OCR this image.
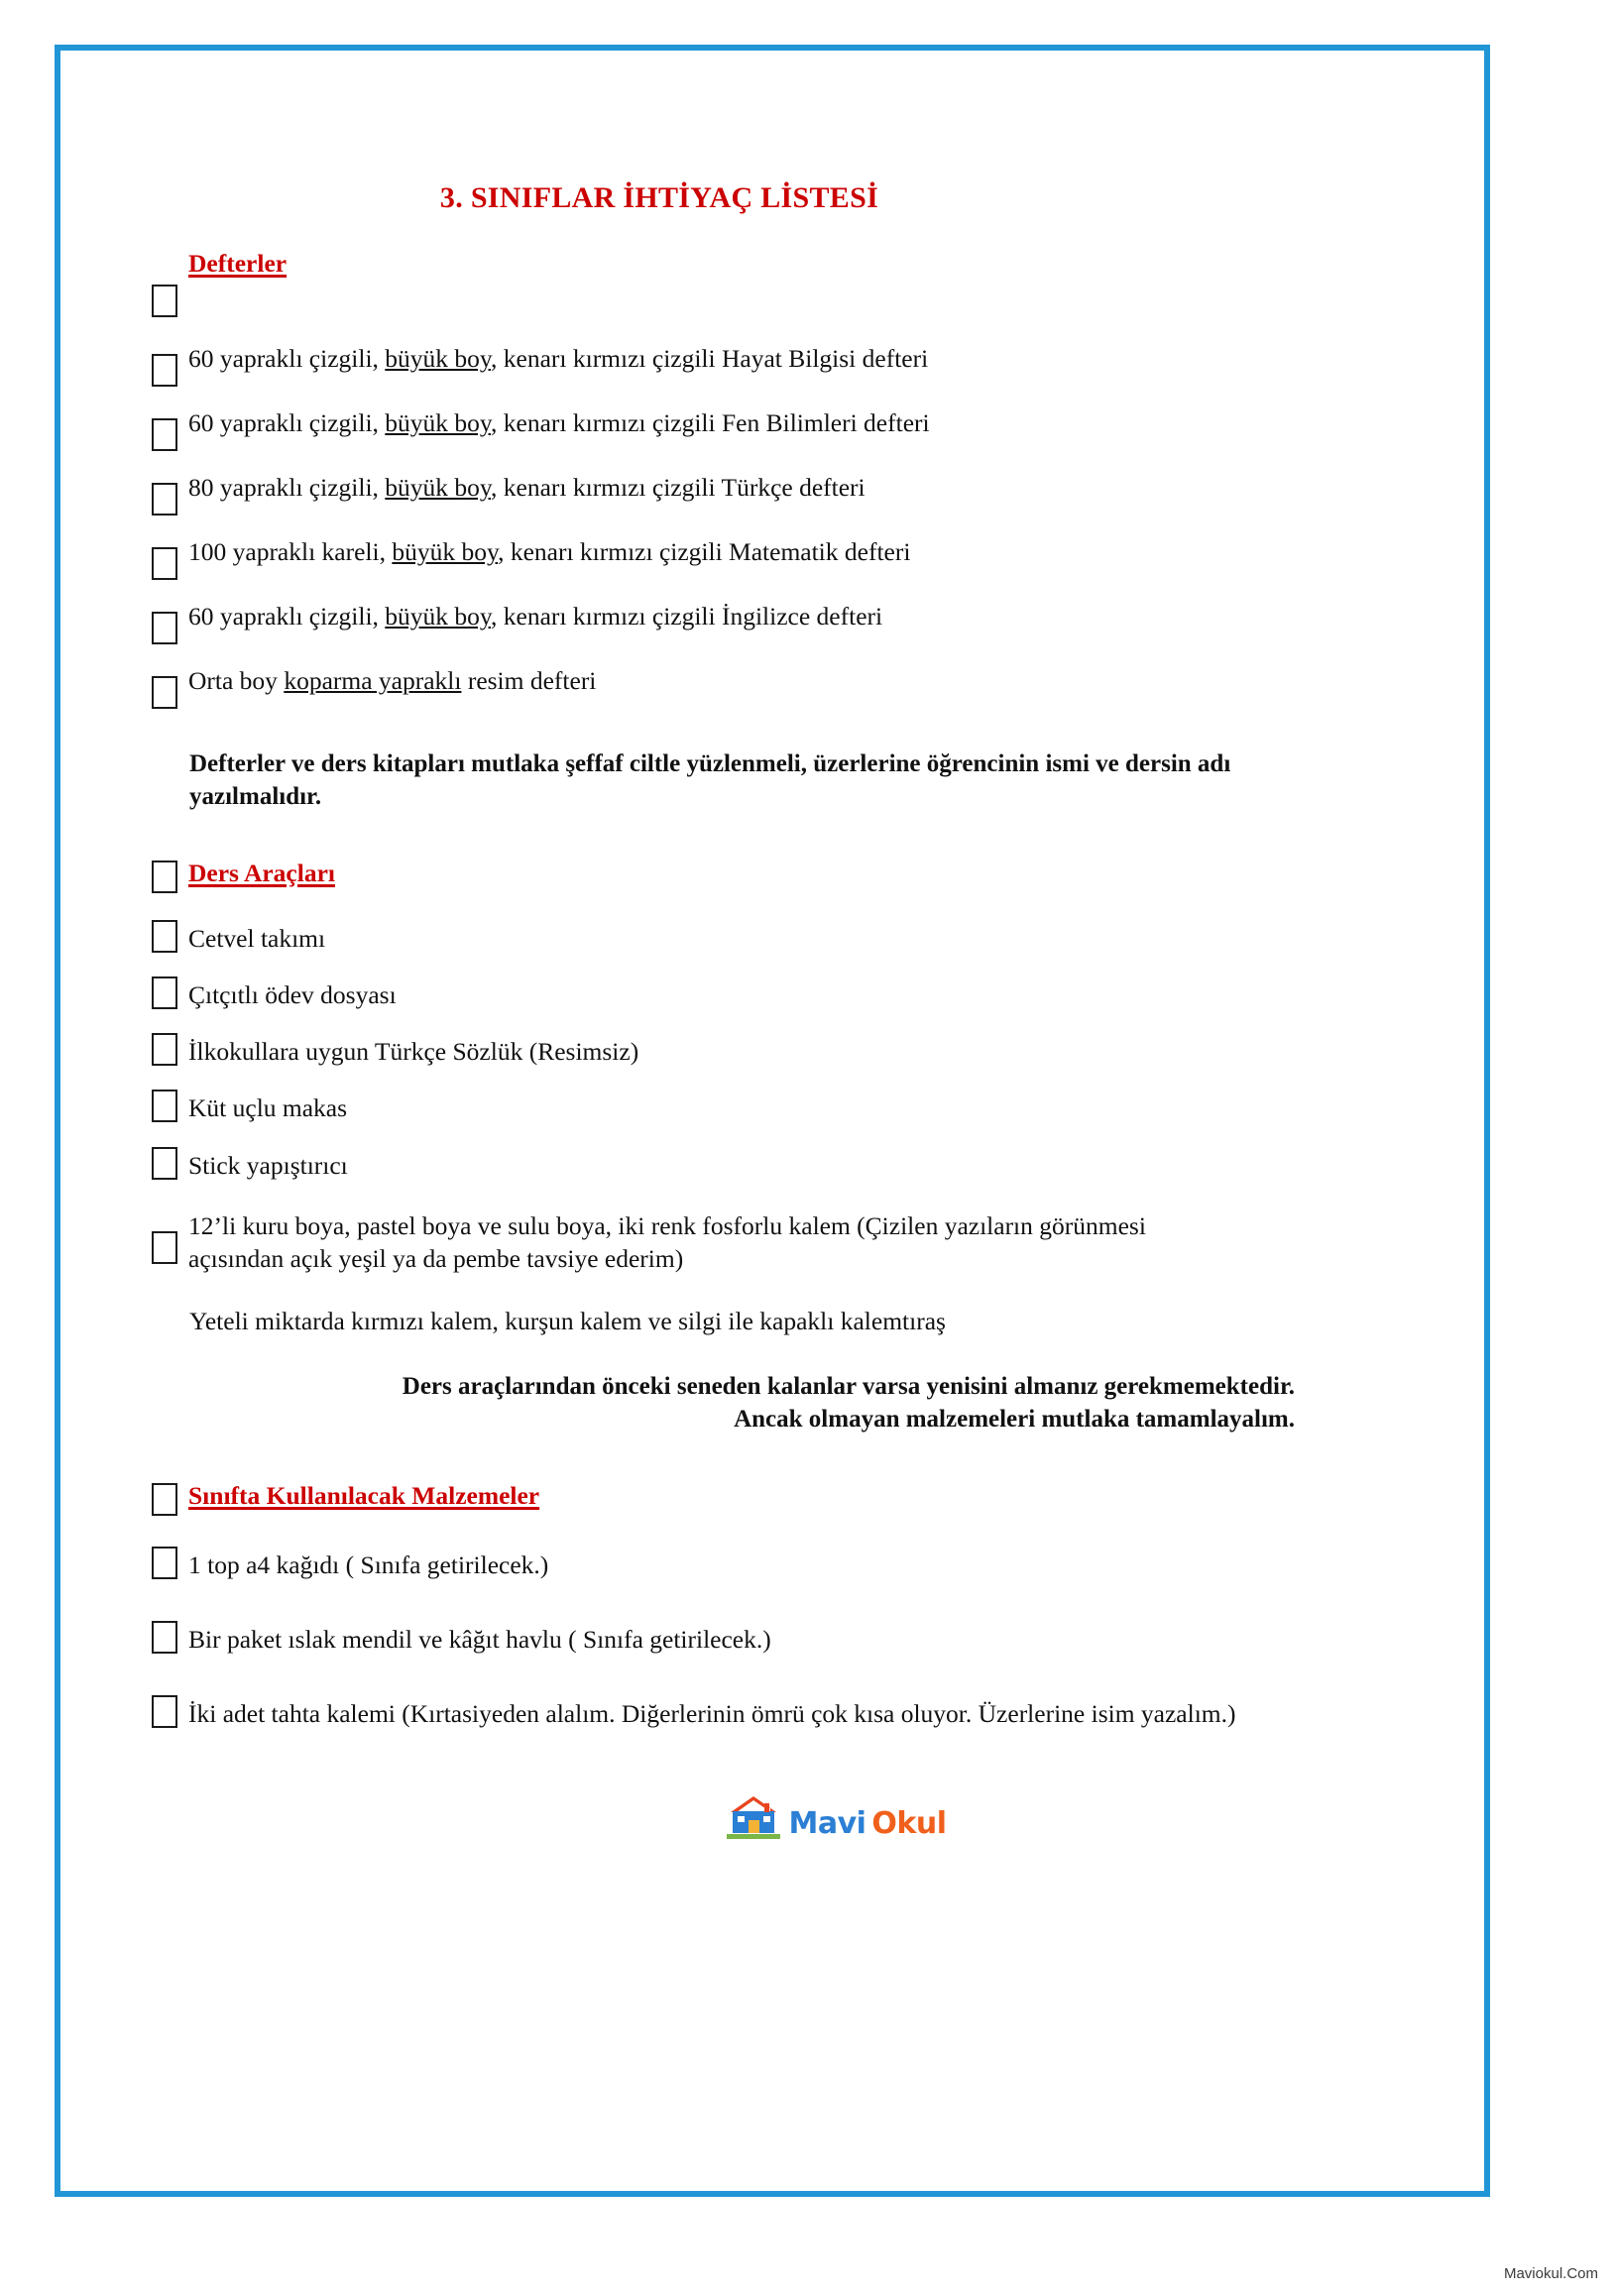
3. SINIFLAR İHTİYAÇ LİSTESİ
Defterler
60 yapraklı çizgili, büyük boy, kenarı kırmızı çizgili Hayat Bilgisi defteri
60 yapraklı çizgili, büyük boy, kenarı kırmızı çizgili Fen Bilimleri defteri
80 yapraklı çizgili, büyük boy, kenarı kırmızı çizgili Türkçe defteri
100 yapraklı kareli, büyük boy, kenarı kırmızı çizgili Matematik defteri
60 yapraklı çizgili, büyük boy, kenarı kırmızı çizgili İngilizce defteri
Orta boy koparma yapraklı resim defteri
Defterler ve ders kitapları mutlaka şeffaf ciltle yüzlenmeli, üzerlerine öğrencinin ismi ve dersin adı yazılmalıdır.
Ders Araçları
Cetvel takımı
Çıtçıtlı ödev dosyası
İlkokullara uygun Türkçe Sözlük (Resimsiz)
Küt uçlu makas
Stick yapıştırıcı
12’li kuru boya, pastel boya ve sulu boya, iki renk fosforlu kalem (Çizilen yazıların görünmesi açısından açık yeşil ya da pembe tavsiye ederim)
Yeteli miktarda kırmızı kalem, kurşun kalem ve silgi ile kapaklı kalemtıraş
Ders araçlarından önceki seneden kalanlar varsa yenisini almanız gerekmemektedir.
Ancak olmayan malzemeleri mutlaka tamamlayalım.
Sınıfta Kullanılacak Malzemeler
1 top a4 kağıdı ( Sınıfa getirilecek.)
Bir paket ıslak mendil ve kâğıt havlu ( Sınıfa getirilecek.)
İki adet tahta kalemi (Kırtasiyeden alalım. Diğerlerinin ömrü çok kısa oluyor. Üzerlerine isim yazalım.)
Mavi Okul
Maviokul.Com
